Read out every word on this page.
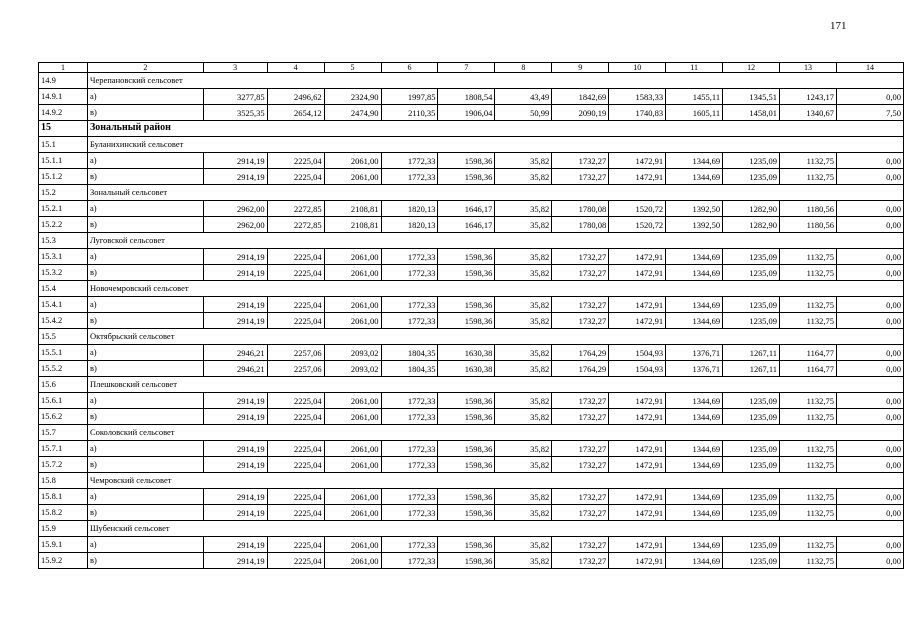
171
1	2	3	4	5	6	7	8	9	10	11	12	13	14
14.9	Черепановский сельсовет												
14.9.1	а)	3277,85	2496,62	2324,90	1997,85	1808,54	43,49	1842,69	1583,33	1455,11	1345,51	1243,17	0,00
14.9.2	в)	3525,35	2654,12	2474,90	2110,35	1906,04	50,99	2090,19	1740,83	1605,11	1458,01	1340,67	7,50
15	Зональный район												
15.1	Буланихинский сельсовет												
15.1.1	а)	2914,19	2225,04	2061,00	1772,33	1598,36	35,82	1732,27	1472,91	1344,69	1235,09	1132,75	0,00
15.1.2	в)	2914,19	2225,04	2061,00	1772,33	1598,36	35,82	1732,27	1472,91	1344,69	1235,09	1132,75	0,00
15.2	Зональный сельсовет												
15.2.1	а)	2962,00	2272,85	2108,81	1820,13	1646,17	35,82	1780,08	1520,72	1392,50	1282,90	1180,56	0,00
15.2.2	в)	2962,00	2272,85	2108,81	1820,13	1646,17	35,82	1780,08	1520,72	1392,50	1282,90	1180,56	0,00
15.3	Луговской сельсовет												
15.3.1	а)	2914,19	2225,04	2061,00	1772,33	1598,36	35,82	1732,27	1472,91	1344,69	1235,09	1132,75	0,00
15.3.2	в)	2914,19	2225,04	2061,00	1772,33	1598,36	35,82	1732,27	1472,91	1344,69	1235,09	1132,75	0,00
15.4	Новочемровский сельсовет												
15.4.1	а)	2914,19	2225,04	2061,00	1772,33	1598,36	35,82	1732,27	1472,91	1344,69	1235,09	1132,75	0,00
15.4.2	в)	2914,19	2225,04	2061,00	1772,33	1598,36	35,82	1732,27	1472,91	1344,69	1235,09	1132,75	0,00
15.5	Октябрьский сельсовет												
15.5.1	а)	2946,21	2257,06	2093,02	1804,35	1630,38	35,82	1764,29	1504,93	1376,71	1267,11	1164,77	0,00
15.5.2	в)	2946,21	2257,06	2093,02	1804,35	1630,38	35,82	1764,29	1504,93	1376,71	1267,11	1164,77	0,00
15.6	Плешковский сельсовет												
15.6.1	а)	2914,19	2225,04	2061,00	1772,33	1598,36	35,82	1732,27	1472,91	1344,69	1235,09	1132,75	0,00
15.6.2	в)	2914,19	2225,04	2061,00	1772,33	1598,36	35,82	1732,27	1472,91	1344,69	1235,09	1132,75	0,00
15.7	Соколовский сельсовет												
15.7.1	а)	2914,19	2225,04	2061,00	1772,33	1598,36	35,82	1732,27	1472,91	1344,69	1235,09	1132,75	0,00
15.7.2	в)	2914,19	2225,04	2061,00	1772,33	1598,36	35,82	1732,27	1472,91	1344,69	1235,09	1132,75	0,00
15.8	Чемровский сельсовет												
15.8.1	а)	2914,19	2225,04	2061,00	1772,33	1598,36	35,82	1732,27	1472,91	1344,69	1235,09	1132,75	0,00
15.8.2	в)	2914,19	2225,04	2061,00	1772,33	1598,36	35,82	1732,27	1472,91	1344,69	1235,09	1132,75	0,00
15.9	Шубенский сельсовет												
15.9.1	а)	2914,19	2225,04	2061,00	1772,33	1598,36	35,82	1732,27	1472,91	1344,69	1235,09	1132,75	0,00
15.9.2	в)	2914,19	2225,04	2061,00	1772,33	1598,36	35,82	1732,27	1472,91	1344,69	1235,09	1132,75	0,00
